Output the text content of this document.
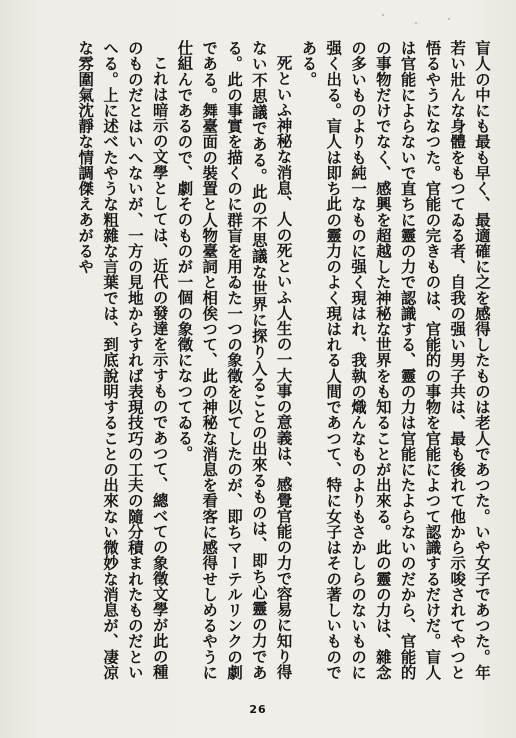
盲人の中にも最も早く、最適確に之を感得したものは老人であつた。いや女子であつた。年若い壯んな身體をもつてゐる者、自我の强い男子共は、最も後れて他から示唆されてやつと悟るやうになつた。官能の完きものは、官能的の事物を官能によつて認識するだけだ。盲人は官能によらないで直ちに靈の力で認識する、靈の力は官能にたよらないのだから、官能的の事物だけでなく、感興を超越した神秘な世界をも知ることが出來る。此の靈の力は、雜念の多いものよりも純一なものに强く現はれ、我執の熾んなものよりもさかしらのないものに强く出る。盲人は即ち此の靈力のよく現はれる人間であつて、特に女子はその著しいものである。

死といふ神秘な消息、人の死といふ人生の一大事の意義は、感覺官能の力で容易に知り得ない不思議である。此の不思議な世界に探り入ることの出來るものは、即ち心靈の力である。此の事實を描くのに群盲を用ゐた一つの象徵を以てしたのが、即ちマーテルリンクの劇である。舞臺面の裝置と人物臺詞と相俟つて、此の神秘な消息を看客に感得せしめるやうに仕組んであるので、劇そのものが一個の象徵になつてゐる。

これは暗示の文學としては、近代の發達を示すものであつて、總べての象徵文學が此の種のものだとはいへないが、一方の見地からすれば表現技巧の工夫の隨分積まれたものだといへる。上に述べたやうな粗雜な言葉では、到底說明することの出來ない微妙な消息が、凄凉な雰圍氣沈靜な情調傑えあがるや

26
